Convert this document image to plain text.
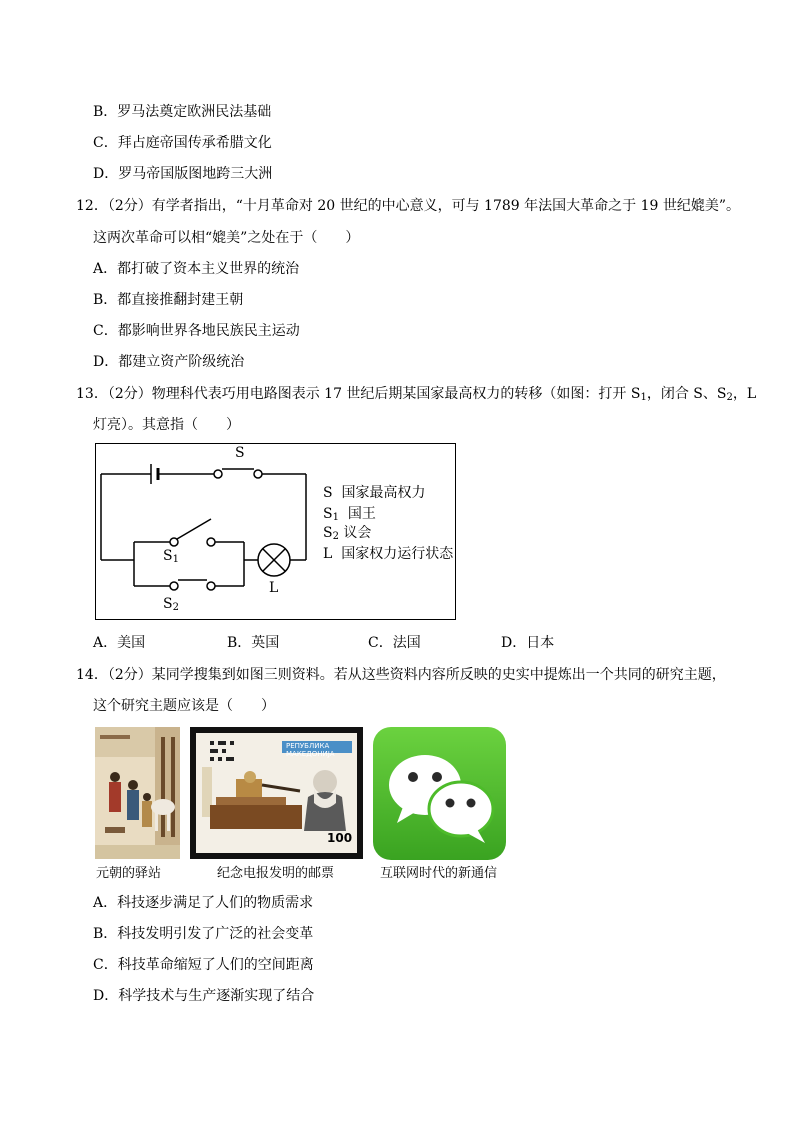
B．罗马法奠定欧洲民法基础
C．拜占庭帝国传承希腊文化
D．罗马帝国版图地跨三大洲
12．（2分）有学者指出，“十月革命对 20 世纪的中心意义，可与 1789 年法国大革命之于 19 世纪媲美”。
这两次革命可以相“媲美”之处在于（　　）
A．都打破了资本主义世界的统治
B．都直接推翻封建王朝
C．都影响世界各地民族民主运动
D．都建立资产阶级统治
13．（2分）物理科代表巧用电路图表示 17 世纪后期某国家最高权力的转移（如图：打开 $S_1$，闭合 S、$S_2$，L
灯亮）。其意指（　　）
S
$S_1$
$S_2$
L
S 国家最高权力
$S_1$ 国王
$S_2$ 议会
L 国家权力运行状态
A．美国	B．英国	C．法国	D．日本
14．（2分）某同学搜集到如图三则资料。若从这些资料内容所反映的史实中提炼出一个共同的研究主题，
这个研究主题应该是（　　）
元朝的驿站
РЕПУБЛИКА МАКЕДОНИЈА
100
纪念电报发明的邮票	互联网时代的新通信
A．科技逐步满足了人们的物质需求
B．科技发明引发了广泛的社会变革
C．科技革命缩短了人们的空间距离
D．科学技术与生产逐渐实现了结合
